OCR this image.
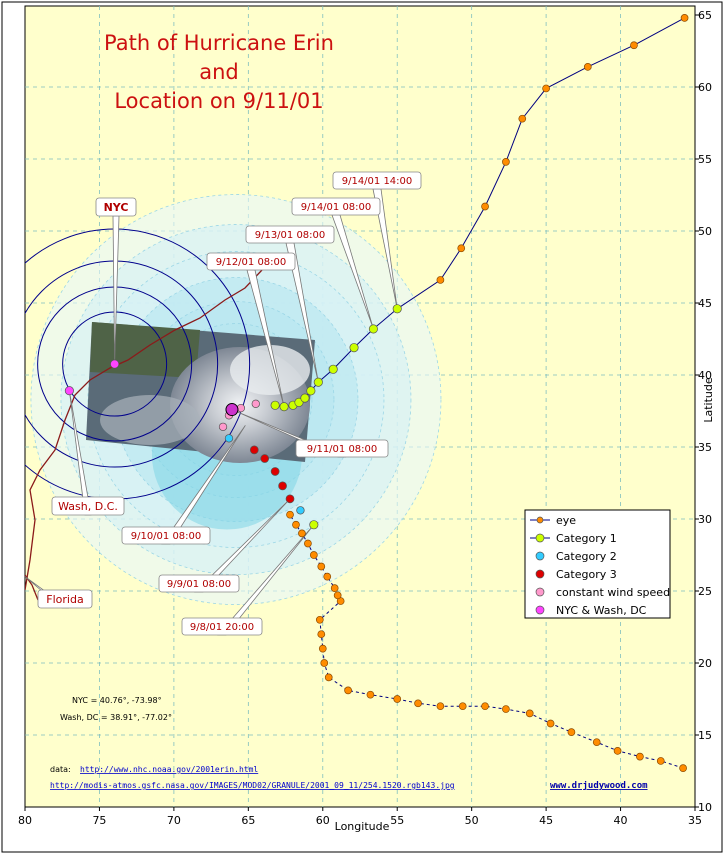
9/14/01 14:00
9/14/01 08:00
9/13/01 08:00
9/12/01 08:00
9/11/01 08:00
9/10/01 08:00
9/9/01 08:00
9/8/01 20:00
NYC
Wash, D.C.
Florida
Path of Hurricane Erin
and
Location on 9/11/01
80	75	70	65	60	55	50	45	40	35
10
15
20
25
30
35
40
45
50
55
60
65
Longitude
Latitude
NYC = 40.76°, -73.98°
Wash, DC = 38.91°, -77.02°
data: http://www.nhc.noaa.gov/2001erin.html
http://modis-atmos.gsfc.nasa.gov/IMAGES/MOD02/GRANULE/2001_09_11/254.1520.rgb143.jpg	www.drjudywood.com
eye
Category 1
Category 2
Category 3
constant wind speed
NYC & Wash, DC
